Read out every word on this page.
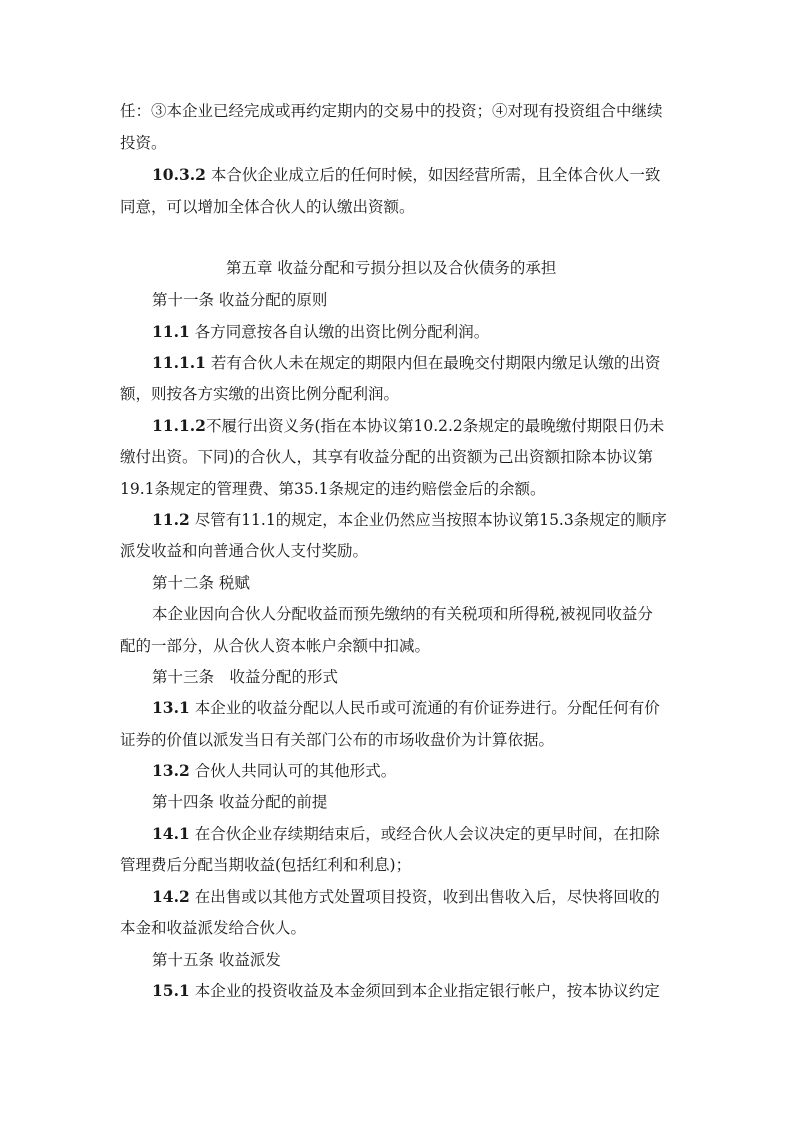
任：③本企业已经完成或再约定期内的交易中的投资；④对现有投资组合中继续
投资。
10.3.2 本合伙企业成立后的任何时候，如因经营所需，且全体合伙人一致
同意，可以增加全体合伙人的认缴出资额。
第五章 收益分配和亏损分担以及合伙债务的承担
第十一条 收益分配的原则
11.1 各方同意按各自认缴的出资比例分配利润。
11.1.1 若有合伙人未在规定的期限内但在最晚交付期限内缴足认缴的出资
额，则按各方实缴的出资比例分配利润。
11.1.2不履行出资义务(指在本协议第10.2.2条规定的最晚缴付期限日仍未
缴付出资。下同)的合伙人，其享有收益分配的出资额为己出资额扣除本协议第
19.1条规定的管理费、第35.1条规定的违约赔偿金后的余额。
11.2 尽管有11.1的规定，本企业仍然应当按照本协议第15.3条规定的顺序
派发收益和向普通合伙人支付奖励。
第十二条 税赋
本企业因向合伙人分配收益而预先缴纳的有关税项和所得税,被视同收益分
配的一部分，从合伙人资本帐户余额中扣减。
第十三条　收益分配的形式
13.1 本企业的收益分配以人民币或可流通的有价证券进行。分配任何有价
证券的价值以派发当日有关部门公布的市场收盘价为计算依据。
13.2 合伙人共同认可的其他形式。
第十四条 收益分配的前提
14.1 在合伙企业存续期结束后，或经合伙人会议决定的更早时间，在扣除
管理费后分配当期收益(包括红利和利息)；
14.2 在出售或以其他方式处置项目投资，收到出售收入后，尽快将回收的
本金和收益派发给合伙人。
第十五条 收益派发
15.1 本企业的投资收益及本金须回到本企业指定银行帐户，按本协议约定
